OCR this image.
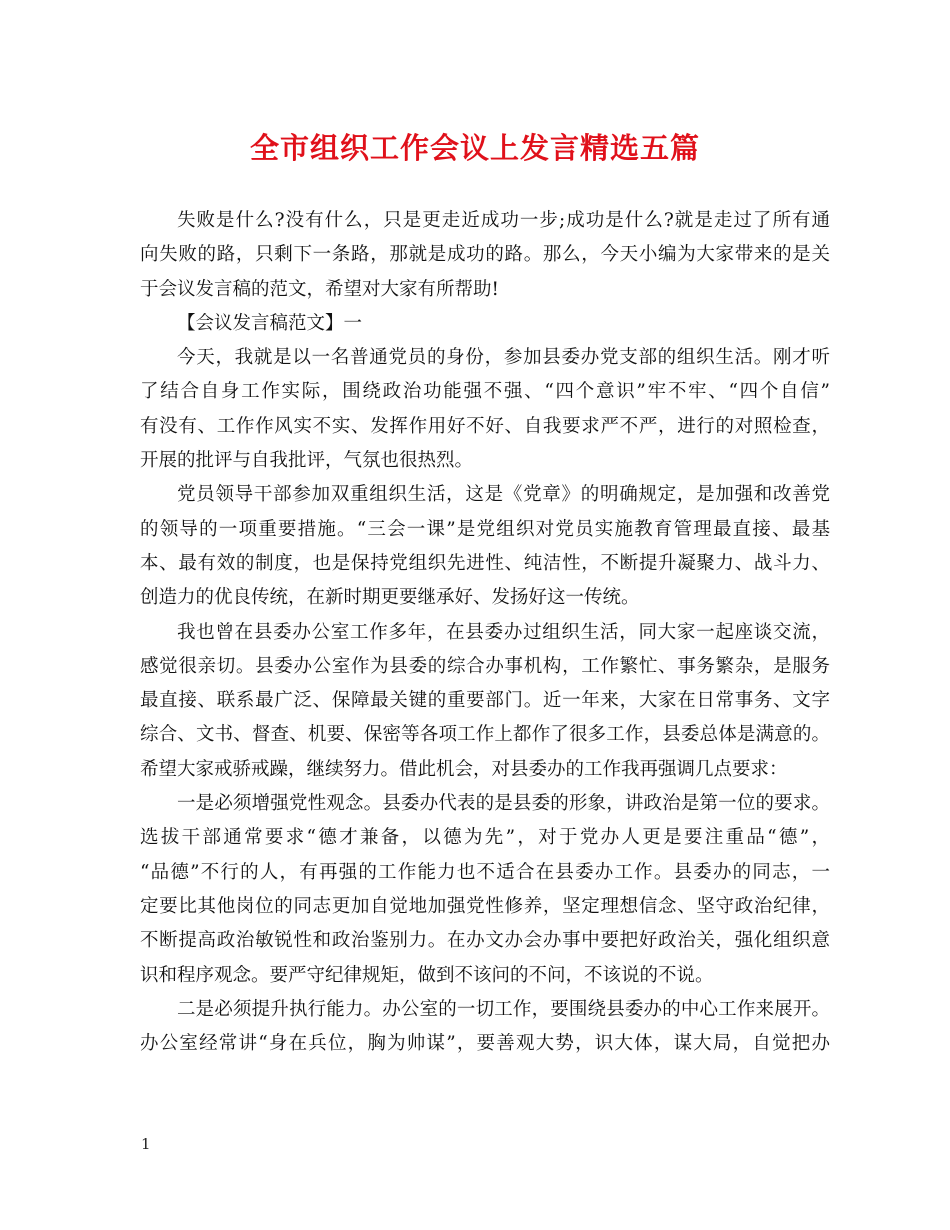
全市组织工作会议上发言精选五篇
失败是什么?没有什么，只是更走近成功一步;成功是什么?就是走过了所有通
向失败的路，只剩下一条路，那就是成功的路。那么，今天小编为大家带来的是关
于会议发言稿的范文，希望对大家有所帮助!
【会议发言稿范文】一
今天，我就是以一名普通党员的身份，参加县委办党支部的组织生活。刚才听
了结合自身工作实际，围绕政治功能强不强、“四个意识”牢不牢、“四个自信”
有没有、工作作风实不实、发挥作用好不好、自我要求严不严，进行的对照检查，
开展的批评与自我批评，气氛也很热烈。
党员领导干部参加双重组织生活，这是《党章》的明确规定，是加强和改善党
的领导的一项重要措施。“三会一课”是党组织对党员实施教育管理最直接、最基
本、最有效的制度，也是保持党组织先进性、纯洁性，不断提升凝聚力、战斗力、
创造力的优良传统，在新时期更要继承好、发扬好这一传统。
我也曾在县委办公室工作多年，在县委办过组织生活，同大家一起座谈交流，
感觉很亲切。县委办公室作为县委的综合办事机构，工作繁忙、事务繁杂，是服务
最直接、联系最广泛、保障最关键的重要部门。近一年来，大家在日常事务、文字
综合、文书、督查、机要、保密等各项工作上都作了很多工作，县委总体是满意的。
希望大家戒骄戒躁，继续努力。借此机会，对县委办的工作我再强调几点要求：
一是必须增强党性观念。县委办代表的是县委的形象，讲政治是第一位的要求。
选拔干部通常要求“德才兼备，以德为先”，对于党办人更是要注重品“德”，
“品德”不行的人，有再强的工作能力也不适合在县委办工作。县委办的同志，一
定要比其他岗位的同志更加自觉地加强党性修养，坚定理想信念、坚守政治纪律，
不断提高政治敏锐性和政治鉴别力。在办文办会办事中要把好政治关，强化组织意
识和程序观念。要严守纪律规矩，做到不该问的不问，不该说的不说。
二是必须提升执行能力。办公室的一切工作，要围绕县委办的中心工作来展开。
办公室经常讲“身在兵位，胸为帅谋”，要善观大势，识大体，谋大局，自觉把办
1
